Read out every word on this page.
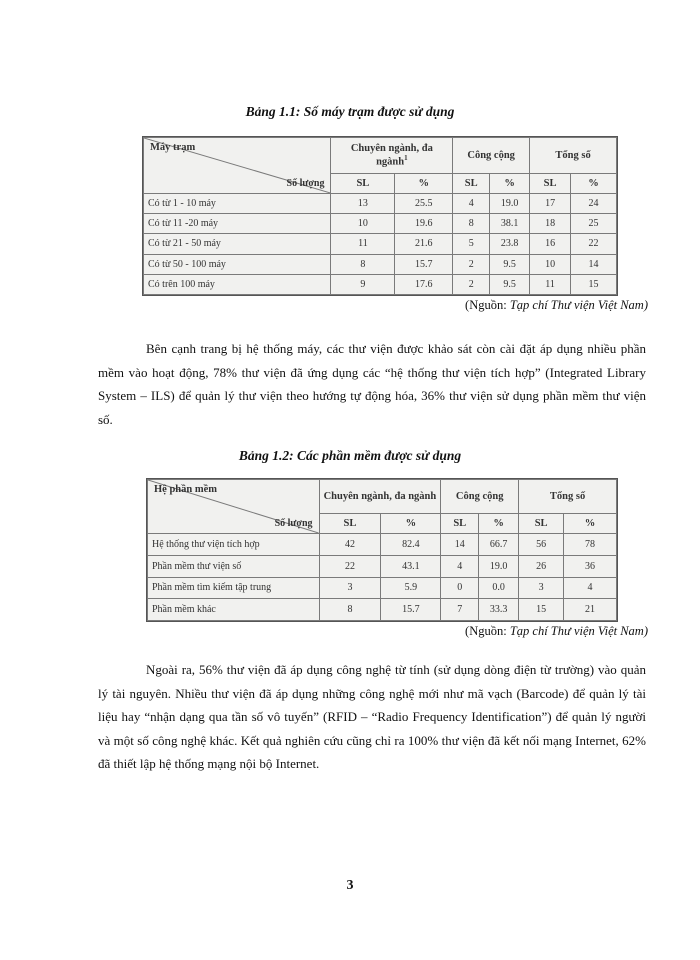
Bảng 1.1: Số máy trạm được sử dụng
Máy trạm
Số lượng	Chuyên ngành, đa ngành$^1$		Công cộng		Tổng số	
	SL	%	SL	%	SL	%
Có từ 1 - 10 máy	13	25.5	4	19.0	17	24
Có từ 11 -20 máy	10	19.6	8	38.1	18	25
Có từ 21 - 50 máy	11	21.6	5	23.8	16	22
Có từ 50 - 100 máy	8	15.7	2	9.5	10	14
Có trên 100 máy	9	17.6	2	9.5	11	15
(Nguồn: Tạp chí Thư viện Việt Nam)

Bên cạnh trang bị hệ thống máy, các thư viện được khảo sát còn cài đặt áp dụng nhiều phần mềm vào hoạt động, 78% thư viện đã ứng dụng các “hệ thống thư viện tích hợp” (Integrated Library System – ILS) để quản lý thư viện theo hướng tự động hóa, 36% thư viện sử dụng phần mềm thư viện số.

Bảng 1.2: Các phần mềm được sử dụng
Hệ phần mềm
Số lượng	Chuyên ngành, đa ngành		Công cộng		Tổng số	
	SL	%	SL	%	SL	%
Hệ thống thư viện tích hợp	42	82.4	14	66.7	56	78
Phần mềm thư viện số	22	43.1	4	19.0	26	36
Phần mềm tìm kiếm tập trung	3	5.9	0	0.0	3	4
Phần mềm khác	8	15.7	7	33.3	15	21
(Nguồn: Tạp chí Thư viện Việt Nam)

Ngoài ra, 56% thư viện đã áp dụng công nghệ từ tính (sử dụng dòng điện từ trường) vào quản lý tài nguyên. Nhiều thư viện đã áp dụng những công nghệ mới như mã vạch (Barcode) để quản lý tài liệu hay “nhận dạng qua tần số vô tuyến” (RFID – “Radio Frequency Identification”) để quản lý người và một số công nghệ khác. Kết quả nghiên cứu cũng chỉ ra 100% thư viện đã kết nối mạng Internet, 62% đã thiết lập hệ thống mạng nội bộ Internet.

3
